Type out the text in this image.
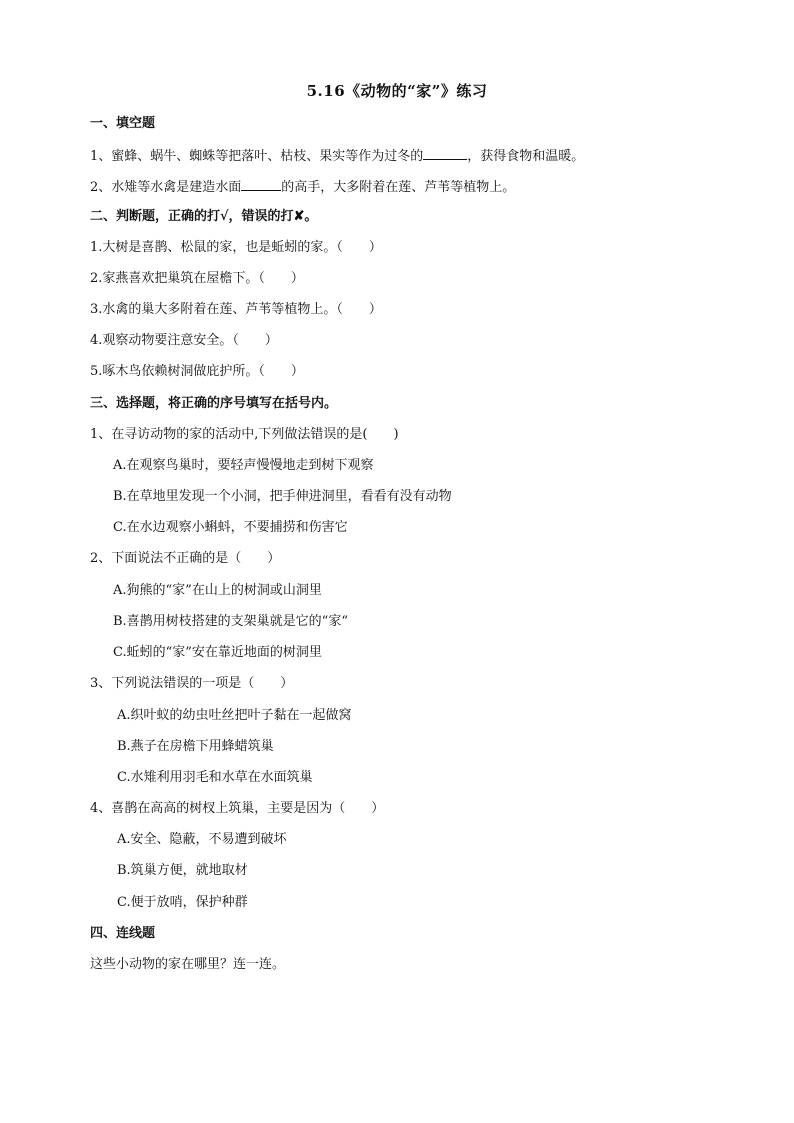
5.16《动物的“家”》练习
一、填空题
1、蜜蜂、蜗牛、蜘蛛等把落叶、枯枝、果实等作为过冬的	，获得食物和温暖。
2、水雉等水禽是建造水面	的高手，大多附着在莲、芦苇等植物上。
二、判断题，正确的打√，错误的打✘。
1.大树是喜鹊、松鼠的家，也是蚯蚓的家。（　　）
2.家燕喜欢把巢筑在屋檐下。（　　）
3.水禽的巢大多附着在莲、芦苇等植物上。（　　）
4.观察动物要注意安全。（　　）
5.啄木鸟依赖树洞做庇护所。（　　）
三、选择题，将正确的序号填写在括号内。
1、在寻访动物的家的活动中,下列做法错误的是(　　)
A.在观察鸟巢时，要轻声慢慢地走到树下观察
B.在草地里发现一个小洞，把手伸进洞里，看看有没有动物
C.在水边观察小蝌蚪，不要捕捞和伤害它
2、下面说法不正确的是（　　）
A.狗熊的“家”在山上的树洞或山洞里
B.喜鹊用树枝搭建的支架巢就是它的“家“
C.蚯蚓的“家”安在靠近地面的树洞里
3、下列说法错误的一项是（　　）
A.织叶蚁的幼虫吐丝把叶子黏在一起做窝
B.燕子在房檐下用蜂蜡筑巢
C.水雉利用羽毛和水草在水面筑巢
4、喜鹊在高高的树杈上筑巢，主要是因为（　　）
A.安全、隐蔽，不易遭到破坏
B.筑巢方便，就地取材
C.便于放哨，保护种群
四、连线题
这些小动物的家在哪里？连一连。
